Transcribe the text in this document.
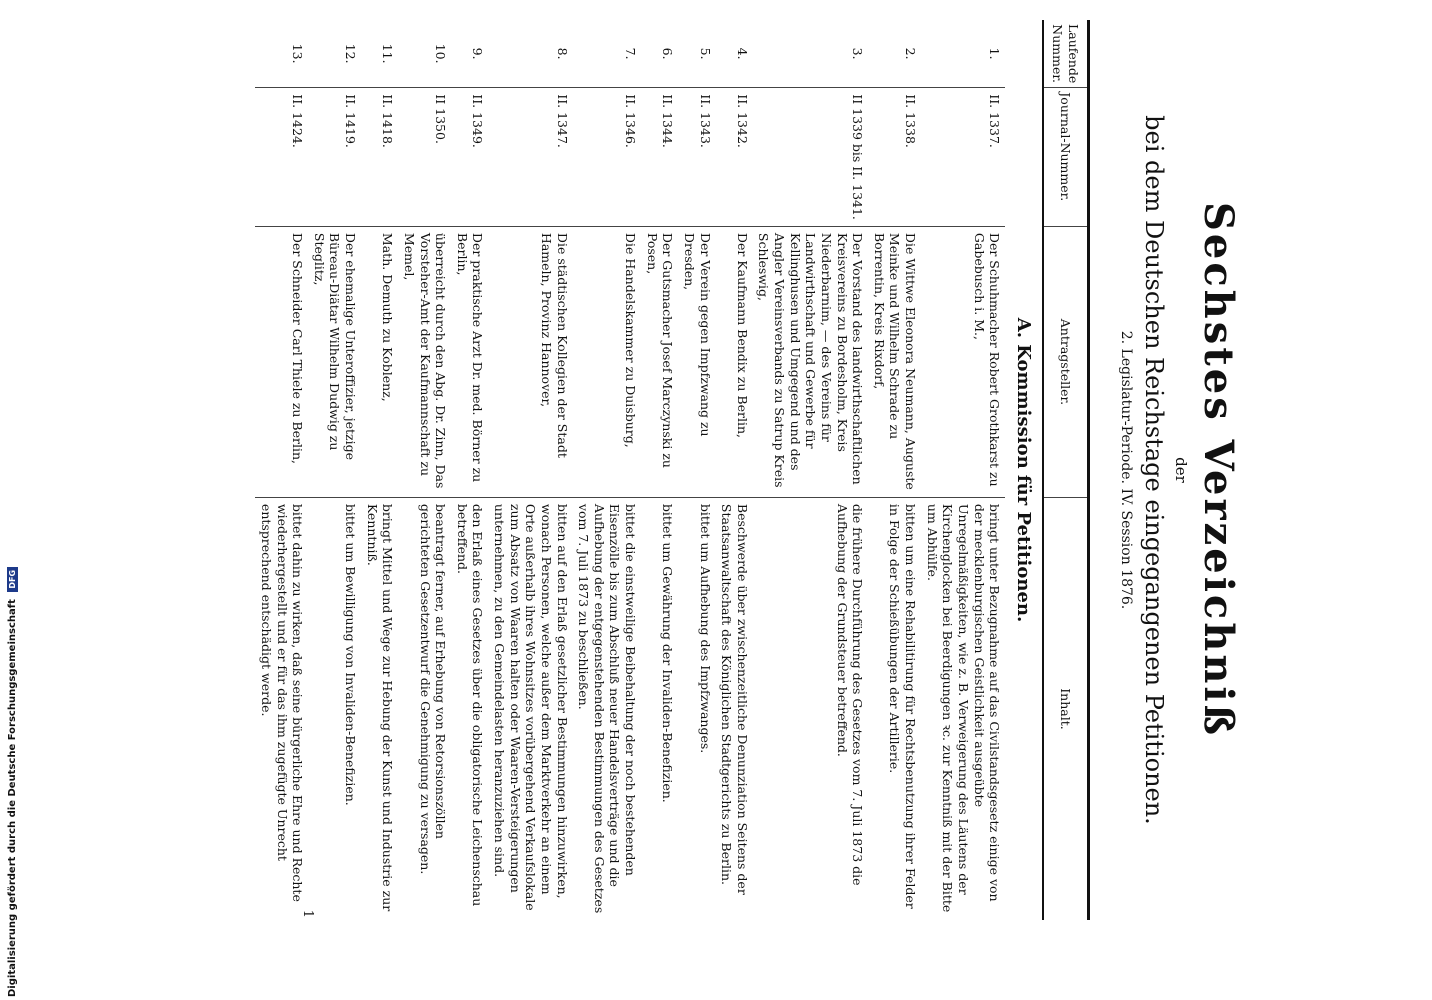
Digitalisierung gefördert durch die Deutsche Forschungsgemeinschaft DFG	Sechstes Verzeichniß
der
bei dem Deutschen Reichstage eingegangenen Petitionen.
2. Legislatur-Periode. IV. Session 1876.
Laufende Nummer.	Journal-Nummer.	Antragsteller.	Inhalt.
A. Kommission für Petitionen.			
1.	II. 1337.	Der Schuhmacher Robert Grothkarst zu Gabebusch i. M.,	bringt unter Bezugnahme auf das Civilstandsgesetz einige von der mecklenburgischen Geistlichkeit ausgeübte Unregelmäßigkeiten, wie z. B. Verweigerung des Läutens der Kirchenglocken bei Beerdigungen ꝛc. zur Kenntniß mit der Bitte um Abhülfe.
2.	II. 1338.	Die Wittwe Eleonora Neumann, Auguste Meinke und Wilhelm Schrade zu Borrentin, Kreis Rixdorf,	bitten um eine Rehabilitirung für Rechtsbenutzung ihrer Felder in Folge der Schießübungen der Artillerie.
3.	II 1339 bis II. 1341.	Der Vorstand des landwirthschaftlichen Kreisvereins zu Bordesholm, Kreis Niederbarnim, — des Vereins für Landwirthschaft und Gewerbe für Kellinghusen und Umgegend und des Angler Vereinsverbands zu Satrup Kreis Schleswig,	die frühere Durchführung des Gesetzes vom 7. Juli 1873 die Aufhebung der Grundsteuer betreffend.
4.	II. 1342.	Der Kaufmann Bendix zu Berlin,	Beschwerde über zwischenzeitliche Denunziation Seitens der Staatsanwaltschaft des Königlichen Stadtgerichts zu Berlin.
5.	II. 1343.	Der Verein gegen Impfzwang zu Dresden,	bittet um Aufhebung des Impfzwanges.
6.	II. 1344.	Der Gutsmacher Josef Marczynski zu Posen,	bittet um Gewährung der Invaliden-Benefizien.
7.	II. 1346.	Die Handelskammer zu Duisburg,	bittet die einstweilige Beibehaltung der noch bestehenden Eisenzölle bis zum Abschluß neuer Handelsverträge und die Aufhebung der entgegenstehenden Bestimmungen des Gesetzes vom 7. Juli 1873 zu beschließen.
8.	II. 1347.	Die städtischen Kollegien der Stadt Hameln, Provinz Hannover,	bitten auf den Erlaß gesetzlicher Bestimmungen hinzuwirken, wonach Personen, welche außer dem Marktverkehr an einem Orte außerhalb ihres Wohnsitzes vorübergehend Verkaufslokale zum Absatz von Waaren halten oder Waaren-Versteigerungen unternehmen, zu den Gemeindelasten heranzuziehen sind.
9.	II. 1349.	Der praktische Arzt Dr. med. Börner zu Berlin,	den Erlaß eines Gesetzes über die obligatorische Leichenschau betreffend.
10.	II 1350.	überreicht durch den Abg. Dr. Zinn, Das Vorsteher-Amt der Kaufmannschaft zu Memel,	beantragt ferner, auf Erhebung von Retorsionszöllen gerichteten Gesetzentwurf die Genehmigung zu versagen.
11.	II. 1418.	Math. Demuth zu Koblenz,	bringt Mittel und Wege zur Hebung der Kunst und Industrie zur Kenntniß.
12.	II. 1419.	Der ehemalige Unteroffizier, jetzige Büreau-Diätar Wilhelm Dudwig zu Steglitz,	bittet um Bewilligung von Invaliden-Benefizien.
13.	II. 1424.	Der Schneider Carl Thiele zu Berlin,	bittet dahin zu wirken, daß seine bürgerliche Ehre und Rechte wiederhergestellt und er für das ihm zugefügte Unrecht entsprechend entschädigt werde.
1
